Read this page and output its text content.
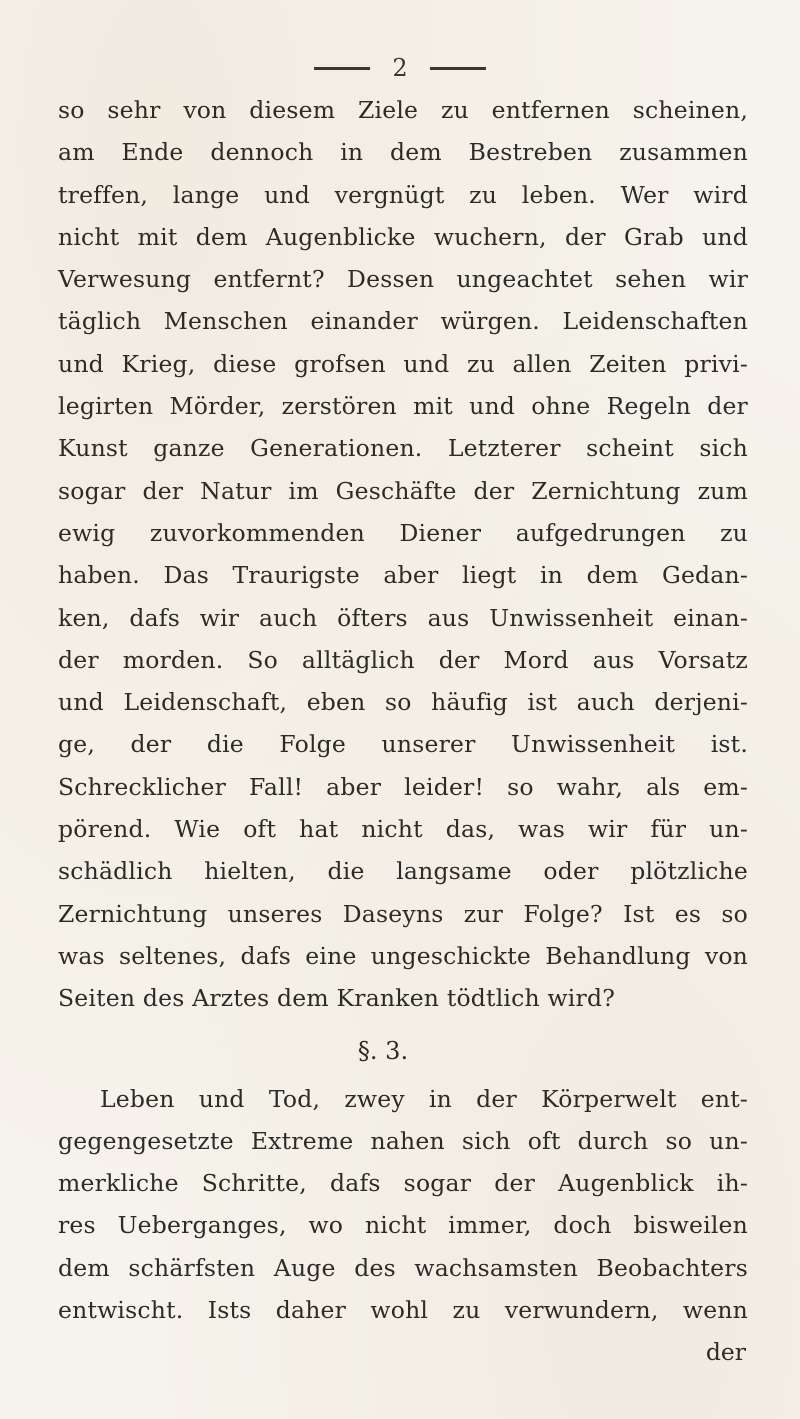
2
so sehr von diesem Ziele zu entfernen scheinen,
am Ende dennoch in dem Bestreben zusammen
treffen, lange und vergnügt zu leben. Wer wird
nicht mit dem Augenblicke wuchern, der Grab und
Verwesung entfernt? Dessen ungeachtet sehen wir
täglich Menschen einander würgen. Leidenschaften
und Krieg, diese grofsen und zu allen Zeiten privi-
legirten Mörder, zerstören mit und ohne Regeln der
Kunst ganze Generationen. Letzterer scheint sich
sogar der Natur im Geschäfte der Zernichtung zum
ewig zuvorkommenden Diener aufgedrungen zu
haben. Das Traurigste aber liegt in dem Gedan-
ken, dafs wir auch öfters aus Unwissenheit einan-
der morden. So alltäglich der Mord aus Vorsatz
und Leidenschaft, eben so häufig ist auch derjeni-
ge, der die Folge unserer Unwissenheit ist.
Schrecklicher Fall! aber leider! so wahr, als em-
pörend. Wie oft hat nicht das, was wir für un-
schädlich hielten, die langsame oder plötzliche
Zernichtung unseres Daseyns zur Folge? Ist es so
was seltenes, dafs eine ungeschickte Behandlung von
Seiten des Arztes dem Kranken tödtlich wird?
§. 3.
Leben und Tod, zwey in der Körperwelt ent-
gegengesetzte Extreme nahen sich oft durch so un-
merkliche Schritte, dafs sogar der Augenblick ih-
res Ueberganges, wo nicht immer, doch bisweilen
dem schärfsten Auge des wachsamsten Beobachters
entwischt. Ists daher wohl zu verwundern, wenn
der
